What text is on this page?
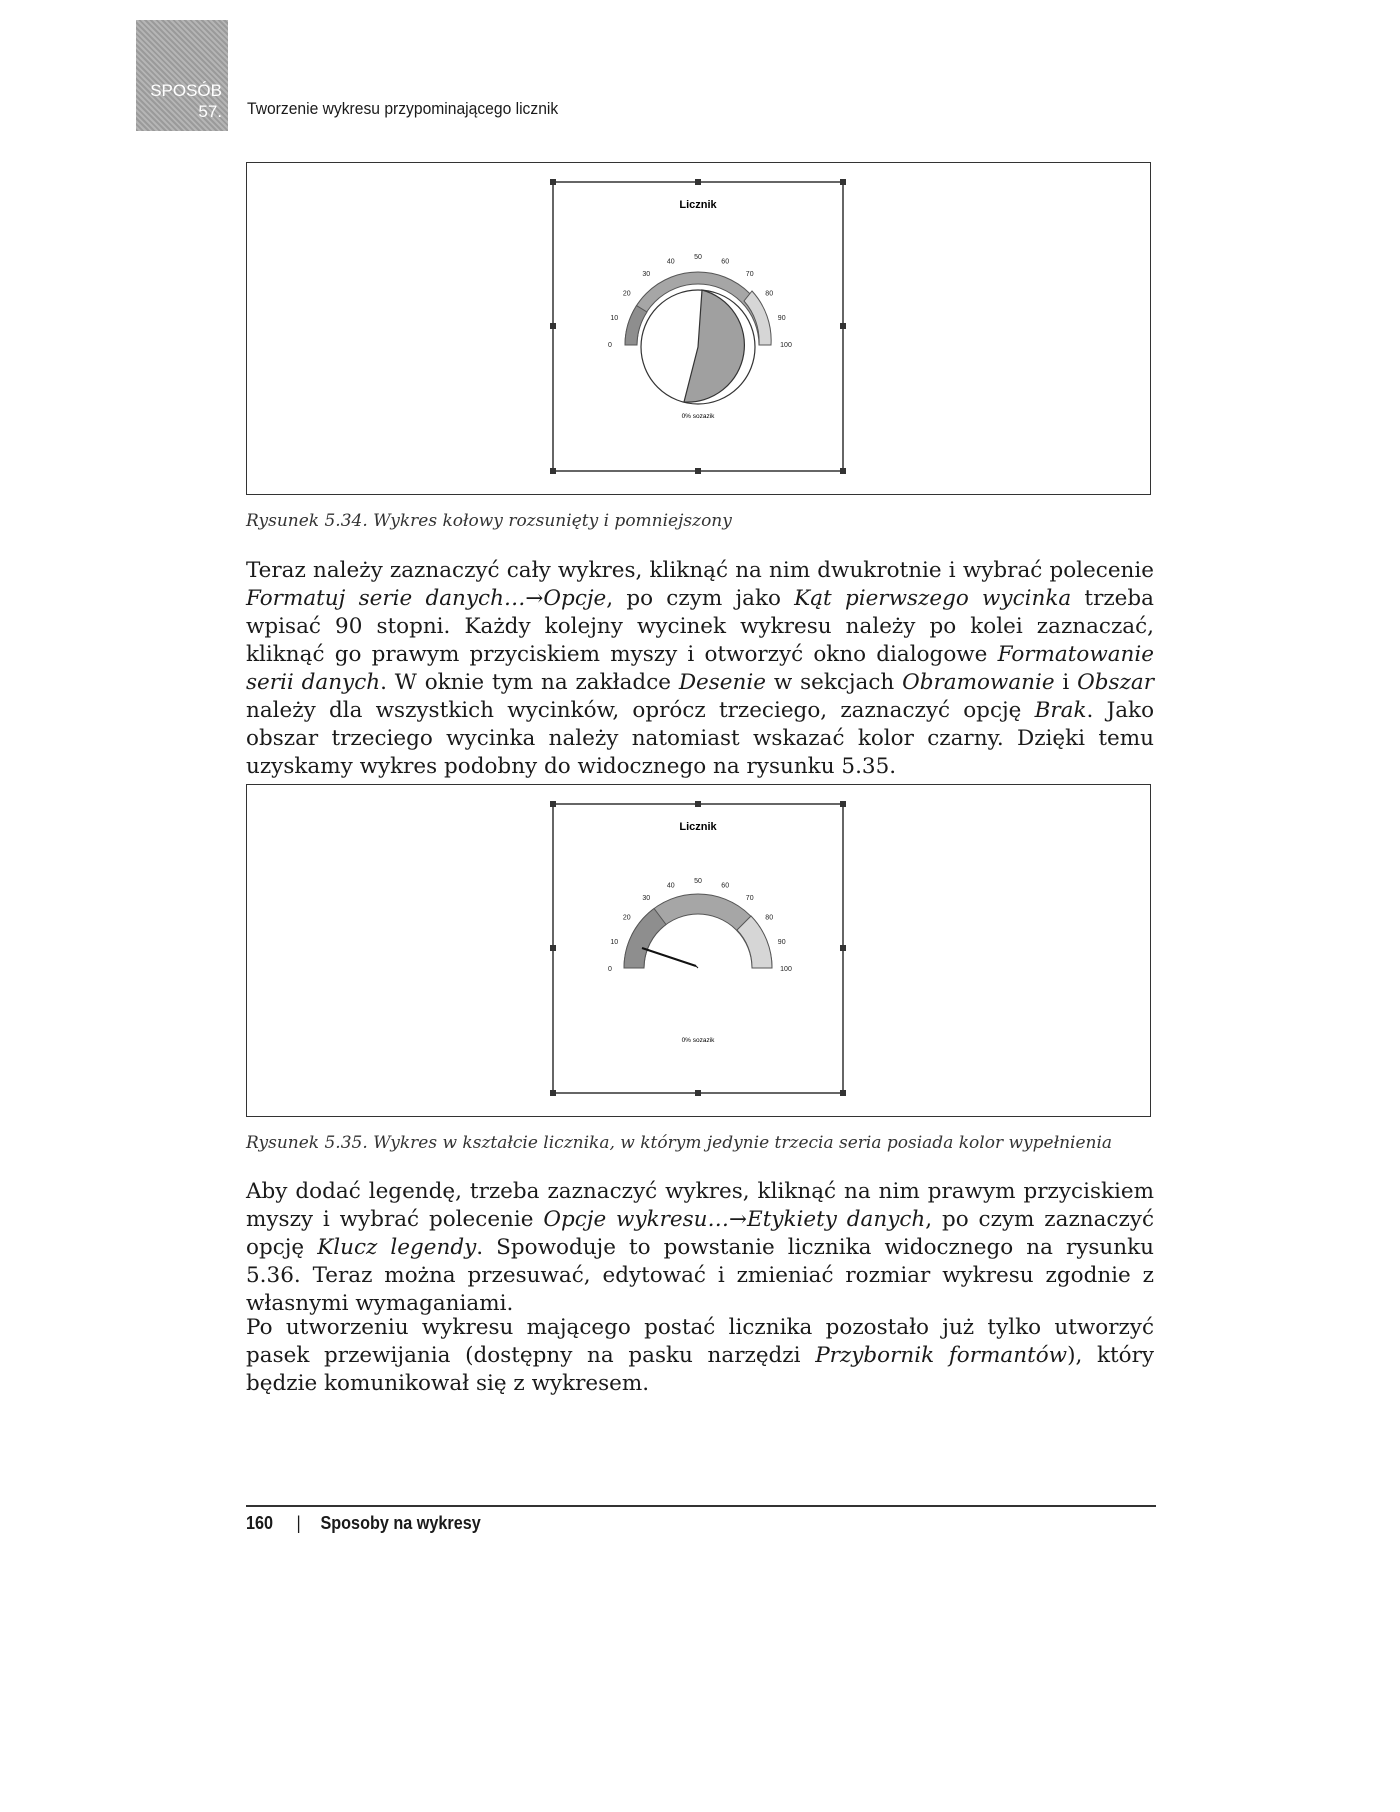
SPOSÓB
57. Tworzenie wykresu przypominającego licznik
Licznik
0
10
20
30
40
50
60
70
80
90
100
0% sozazik
Rysunek 5.34. Wykres kołowy rozsunięty i pomniejszony

Teraz należy zaznaczyć cały wykres, kliknąć na nim dwukrotnie i wybrać polecenie Formatuj serie danych…→Opcje, po czym jako Kąt pierwszego wycinka trzeba wpisać 90 stopni. Każdy kolejny wycinek wykresu należy po kolei zaznaczać, kliknąć go prawym przyciskiem myszy i otworzyć okno dialogowe Formatowanie serii danych. W oknie tym na zakładce Desenie w sekcjach Obramowanie i Obszar należy dla wszystkich wycinków, oprócz trzeciego, zaznaczyć opcję Brak. Jako obszar trzeciego wycinka należy natomiast wskazać kolor czarny. Dzięki temu uzyskamy wykres podobny do widocznego na rysunku 5.35.

Licznik
0
10
20
30
40
50
60
70
80
90
100
0% sozazik
Rysunek 5.35. Wykres w kształcie licznika, w którym jedynie trzecia seria posiada kolor wypełnienia

Aby dodać legendę, trzeba zaznaczyć wykres, kliknąć na nim prawym przyciskiem myszy i wybrać polecenie Opcje wykresu…→Etykiety danych, po czym zaznaczyć opcję Klucz legendy. Spowoduje to powstanie licznika widocznego na rysunku 5.36. Teraz można przesuwać, edytować i zmieniać rozmiar wykresu zgodnie z własnymi wymaganiami.

Po utworzeniu wykresu mającego postać licznika pozostało już tylko utworzyć pasek przewijania (dostępny na pasku narzędzi Przybornik formantów), który będzie komunikował się z wykresem.

160 | Sposoby na wykresy
